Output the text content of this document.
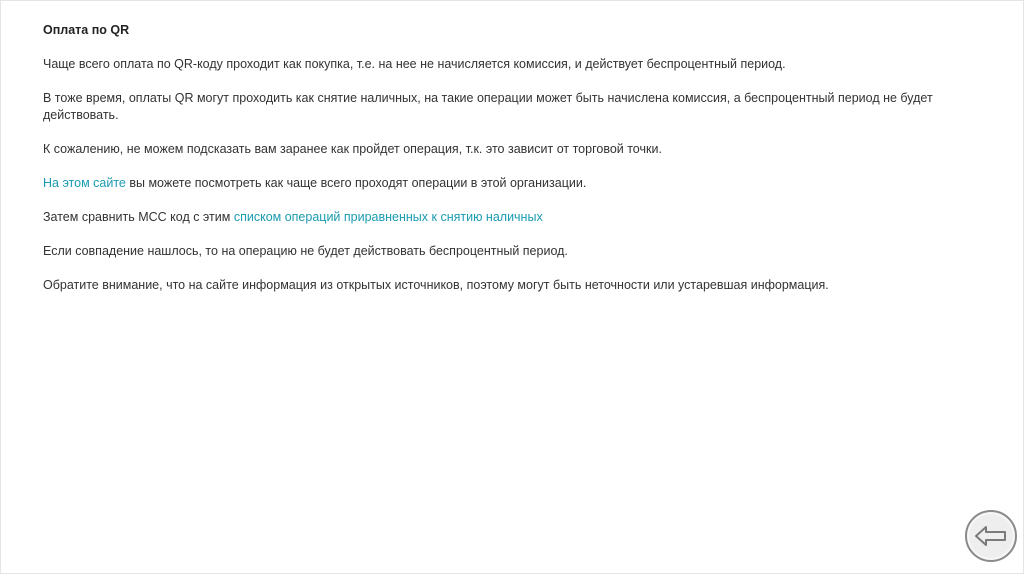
Оплата по QR

Чаще всего оплата по QR-коду проходит как покупка, т.е. на нее не начисляется комиссия, и действует беспроцентный период.

В тоже время, оплаты QR могут проходить как снятие наличных, на такие операции может быть начислена комиссия, а беспроцентный период не будет действовать.

К сожалению, не можем подсказать вам заранее как пройдет операция, т.к. это зависит от торговой точки.

На этом сайте вы можете посмотреть как чаще всего проходят операции в этой организации.

Затем сравнить МСС код с этим списком операций приравненных к снятию наличных

Если совпадение нашлось, то на операцию не будет действовать беспроцентный период.

Обратите внимание, что на сайте информация из открытых источников, поэтому могут быть неточности или устаревшая информация.
